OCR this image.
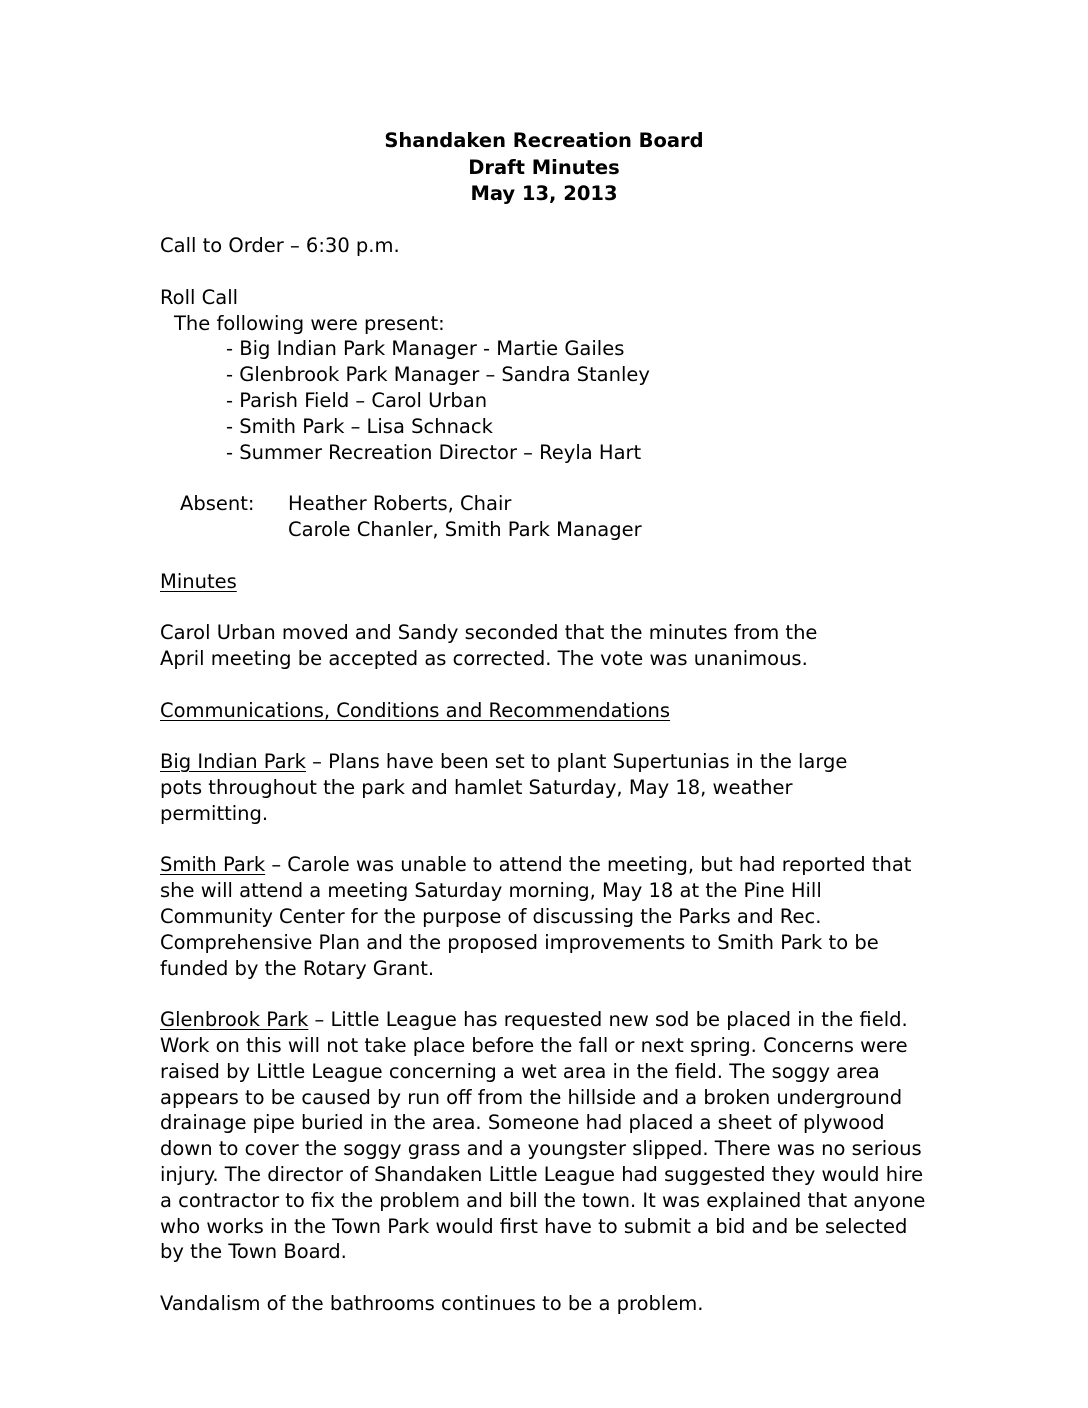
Shandaken Recreation Board
Draft Minutes
May 13, 2013

Call to Order – 6:30 p.m.

Roll Call

The following were present:

- Big Indian Park Manager - Martie Gailes

- Glenbrook Park Manager – Sandra Stanley

- Parish Field – Carol Urban

- Smith Park – Lisa Schnack

- Summer Recreation Director – Reyla Hart

Absent:	Heather Roberts, Chair

Carole Chanler, Smith Park Manager

Minutes

Carol Urban moved and Sandy seconded that the minutes from the April meeting be accepted as corrected. The vote was unanimous.

Communications, Conditions and Recommendations

Big Indian Park – Plans have been set to plant Supertunias in the large pots throughout the park and hamlet Saturday, May 18, weather permitting.

Smith Park – Carole was unable to attend the meeting, but had reported that she will attend a meeting Saturday morning, May 18 at the Pine Hill Community Center for the purpose of discussing the Parks and Rec. Comprehensive Plan and the proposed improvements to Smith Park to be funded by the Rotary Grant.

Glenbrook Park – Little League has requested new sod be placed in the field. Work on this will not take place before the fall or next spring. Concerns were raised by Little League concerning a wet area in the field. The soggy area appears to be caused by run off from the hillside and a broken underground drainage pipe buried in the area. Someone had placed a sheet of plywood down to cover the soggy grass and a youngster slipped. There was no serious injury. The director of Shandaken Little League had suggested they would hire a contractor to fix the problem and bill the town. It was explained that anyone who works in the Town Park would first have to submit a bid and be selected by the Town Board.

Vandalism of the bathrooms continues to be a problem.
